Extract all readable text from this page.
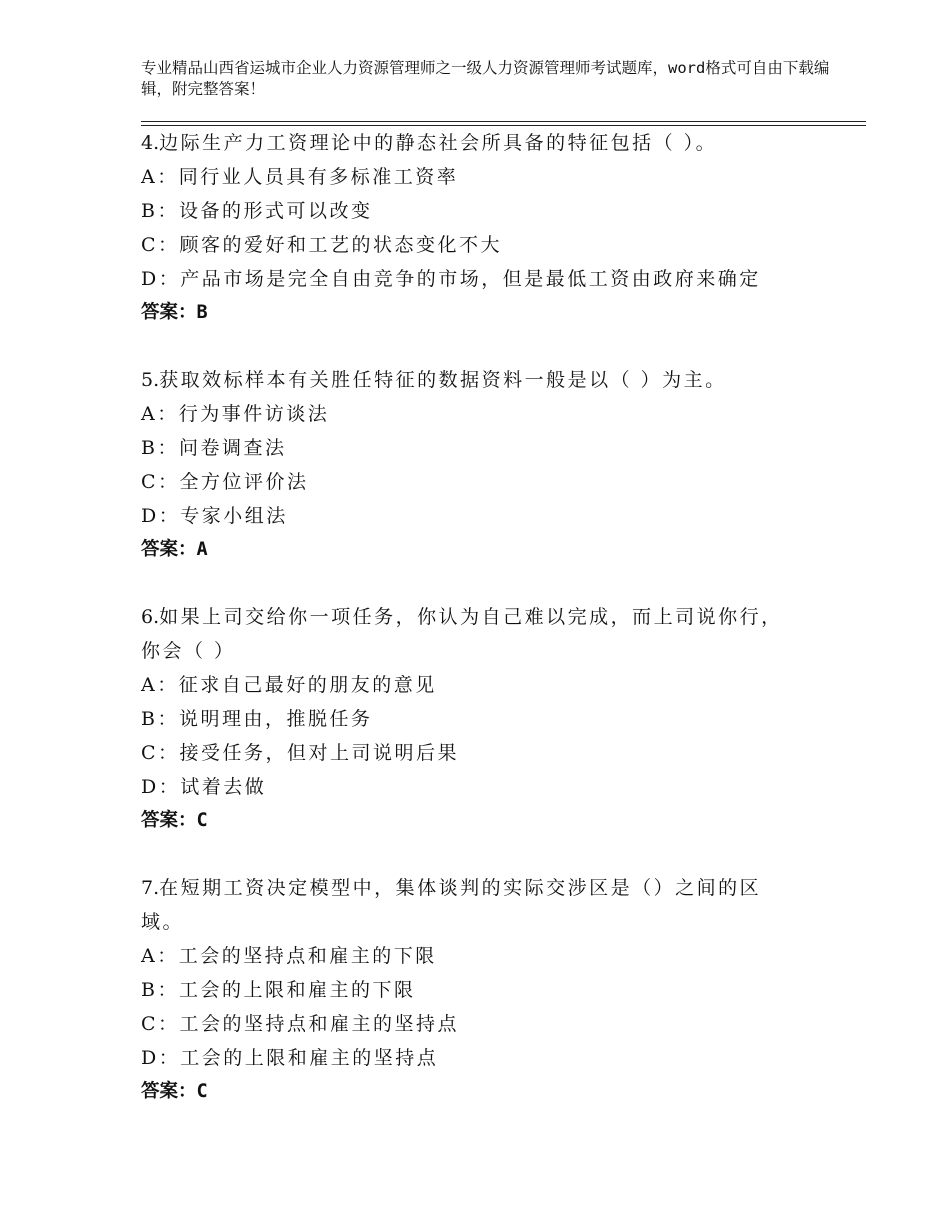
专业精品山西省运城市企业人力资源管理师之一级人力资源管理师考试题库，word格式可自由下载编辑，附完整答案！
4.边际生产力工资理论中的静态社会所具备的特征包括（ ）。
A：同行业人员具有多标准工资率
B：设备的形式可以改变
C：顾客的爱好和工艺的状态变化不大
D：产品市场是完全自由竞争的市场，但是最低工资由政府来确定
答案：B
5.获取效标样本有关胜任特征的数据资料一般是以（ ）为主。
A：行为事件访谈法
B：问卷调查法
C：全方位评价法
D：专家小组法
答案：A
6.如果上司交给你一项任务，你认为自己难以完成，而上司说你行，你会（ ）
A：征求自己最好的朋友的意见
B：说明理由，推脱任务
C：接受任务，但对上司说明后果
D：试着去做
答案：C
7.在短期工资决定模型中，集体谈判的实际交涉区是（）之间的区域。
A：工会的坚持点和雇主的下限
B：工会的上限和雇主的下限
C：工会的坚持点和雇主的坚持点
D：工会的上限和雇主的坚持点
答案：C
